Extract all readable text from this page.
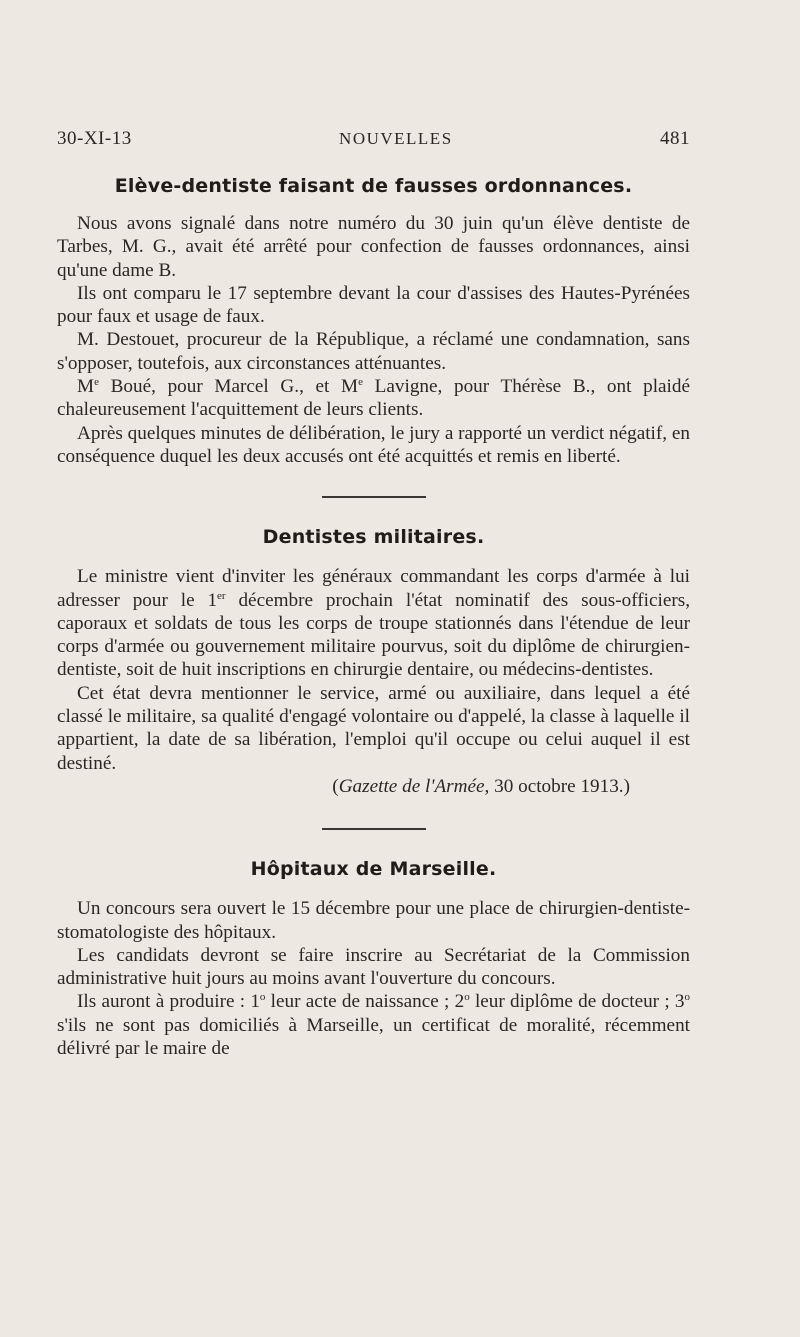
30-XI-13	NOUVELLES	481
Elève-dentiste faisant de fausses ordonnances.

Nous avons signalé dans notre numéro du 30 juin qu'un élève dentiste de Tarbes, M. G., avait été arrêté pour confection de fausses ordonnances, ainsi qu'une dame B.

Ils ont comparu le 17 septembre devant la cour d'assises des Hautes-Pyrénées pour faux et usage de faux.

M. Destouet, procureur de la République, a réclamé une condamnation, sans s'opposer, toutefois, aux circonstances atténuantes.

Me Boué, pour Marcel G., et Me Lavigne, pour Thérèse B., ont plaidé chaleureusement l'acquittement de leurs clients.

Après quelques minutes de délibération, le jury a rapporté un verdict négatif, en conséquence duquel les deux accusés ont été acquittés et remis en liberté.

Dentistes militaires.

Le ministre vient d'inviter les généraux commandant les corps d'armée à lui adresser pour le 1er décembre prochain l'état nominatif des sous-officiers, caporaux et soldats de tous les corps de troupe stationnés dans l'étendue de leur corps d'armée ou gouvernement militaire pourvus, soit du diplôme de chirurgien-dentiste, soit de huit inscriptions en chirurgie dentaire, ou médecins-dentistes.

Cet état devra mentionner le service, armé ou auxiliaire, dans lequel a été classé le militaire, sa qualité d'engagé volontaire ou d'appelé, la classe à laquelle il appartient, la date de sa libération, l'emploi qu'il occupe ou celui auquel il est destiné.

(Gazette de l'Armée, 30 octobre 1913.)

Hôpitaux de Marseille.

Un concours sera ouvert le 15 décembre pour une place de chirurgien-dentiste-stomatologiste des hôpitaux.

Les candidats devront se faire inscrire au Secrétariat de la Commission administrative huit jours au moins avant l'ouverture du concours.

Ils auront à produire : 1$^o$ leur acte de naissance ; 2$^o$ leur diplôme de docteur ; 3$^o$ s'ils ne sont pas domiciliés à Marseille, un certificat de moralité, récemment délivré par le maire de
